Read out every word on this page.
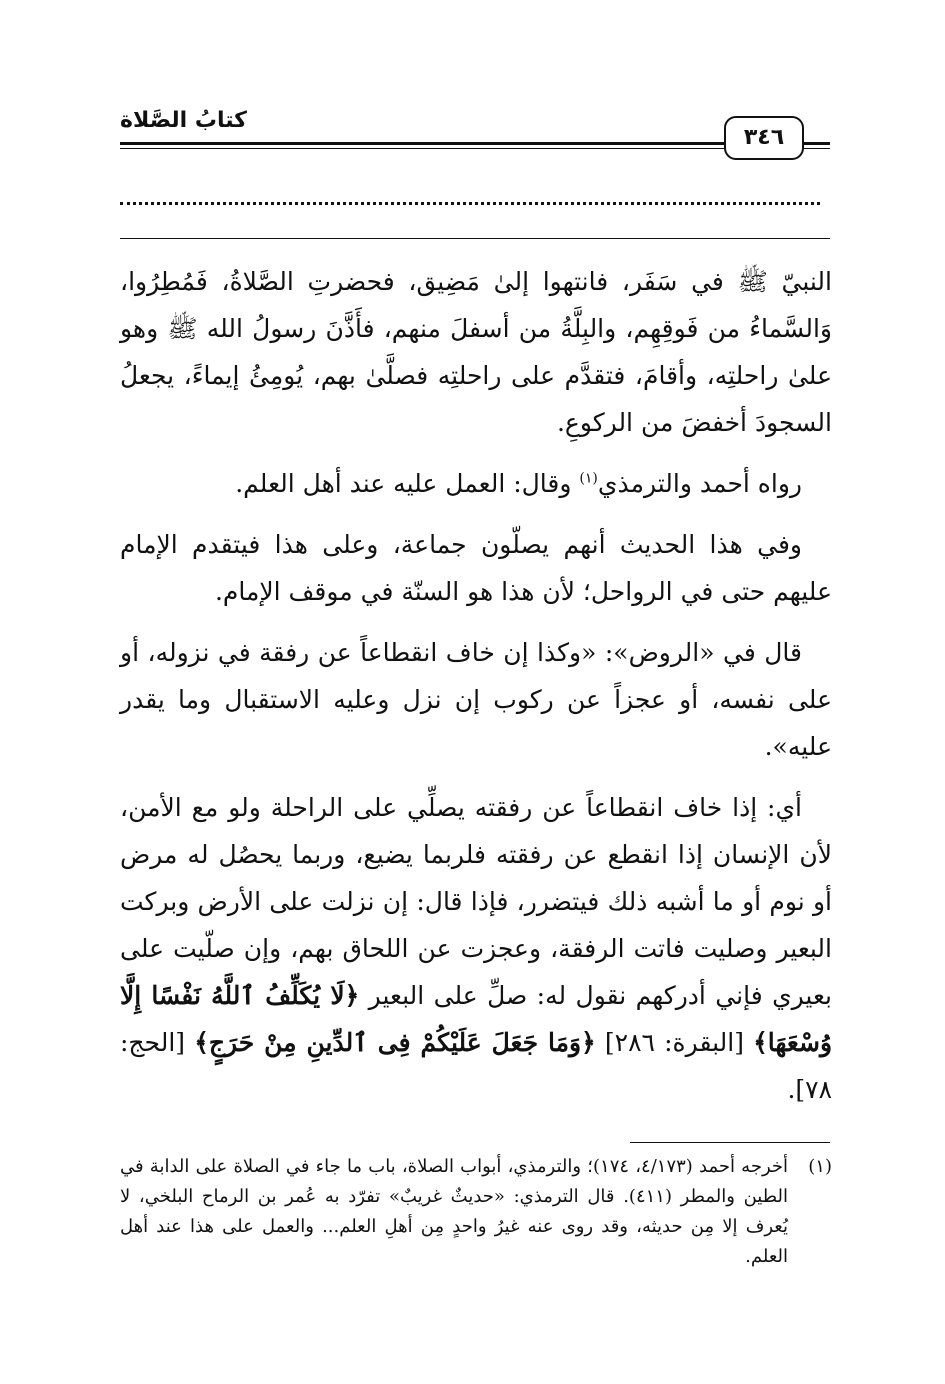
كتابُ الصَّلاة
٣٤٦

النبيّ ﷺ في سَفَر، فانتهوا إلىٰ مَضِيق، فحضرتِ الصَّلاةُ، فَمُطِرُوا، وَالسَّماءُ من فَوقِهِم، والبِلَّةُ من أسفلَ منهم، فأَذَّنَ رسولُ الله ﷺ وهو علىٰ راحلتِه، وأقامَ، فتقدَّم على راحلتِه فصلَّىٰ بهم، يُومِئُ إيماءً، يجعلُ السجودَ أخفضَ من الركوعِ.

رواه أحمد والترمذي$^{(١)}$ وقال: العمل عليه عند أهل العلم.

وفي هذا الحديث أنهم يصلّون جماعة، وعلى هذا فيتقدم الإمام عليهم حتى في الرواحل؛ لأن هذا هو السنّة في موقف الإمام.

قال في «الروض»: «وكذا إن خاف انقطاعاً عن رفقة في نزوله، أو على نفسه، أو عجزاً عن ركوب إن نزل وعليه الاستقبال وما يقدر عليه».

أي: إذا خاف انقطاعاً عن رفقته يصلِّي على الراحلة ولو مع الأمن، لأن الإنسان إذا انقطع عن رفقته فلربما يضيع، وربما يحصُل له مرض أو نوم أو ما أشبه ذلك فيتضرر، فإذا قال: إن نزلت على الأرض وبركت البعير وصليت فاتت الرفقة، وعجزت عن اللحاق بهم، وإن صلّيت على بعيري فإني أدركهم نقول له: صلِّ على البعير ﴿لَا يُكَلِّفُ ٱللَّهُ نَفْسًا إِلَّا وُسْعَهَا﴾ [البقرة: ٢٨٦] ﴿وَمَا جَعَلَ عَلَيْكُمْ فِى ٱلدِّينِ مِنْ حَرَجٍ﴾ [الحج: ٧٨].

(١)
أخرجه أحمد (٤/١٧٣، ١٧٤)؛ والترمذي، أبواب الصلاة، باب ما جاء في الصلاة على الدابة في الطين والمطر (٤١١). قال الترمذي: «حديثٌ غريبٌ» تفرّد به عُمر بن الرماح البلخي، لا يُعرف إلا مِن حديثه، وقد روى عنه غيرُ واحدٍ مِن أهلِ العلم... والعمل على هذا عند أهل العلم.
